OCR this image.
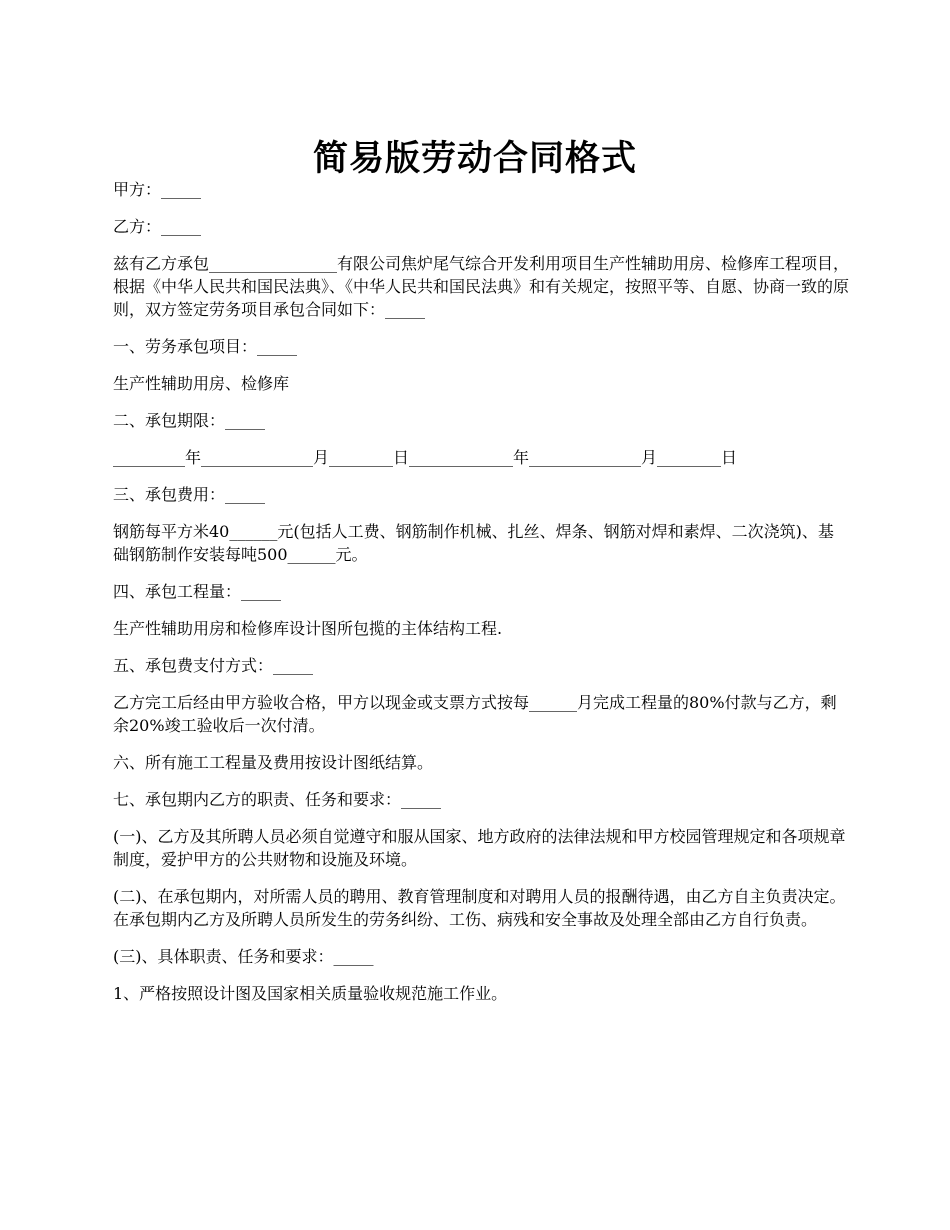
简易版劳动合同格式

甲方：_____

乙方：_____

兹有乙方承包________________有限公司焦炉尾气综合开发利用项目生产性辅助用房、检修库工程项目，根据《中华人民共和国民法典》、《中华人民共和国民法典》和有关规定，按照平等、自愿、协商一致的原则，双方签定劳务项目承包合同如下：_____

一、劳务承包项目：_____

生产性辅助用房、检修库

二、承包期限：_____

_________年______________月________日_____________年______________月________日

三、承包费用：_____

钢筋每平方米40______元(包括人工费、钢筋制作机械、扎丝、焊条、钢筋对焊和素焊、二次浇筑)、基础钢筋制作安装每吨500______元。

四、承包工程量：_____

生产性辅助用房和检修库设计图所包揽的主体结构工程.

五、承包费支付方式：_____

乙方完工后经由甲方验收合格，甲方以现金或支票方式按每______月完成工程量的80%付款与乙方，剩余20%竣工验收后一次付清。

六、所有施工工程量及费用按设计图纸结算。

七、承包期内乙方的职责、任务和要求：_____

(一)、乙方及其所聘人员必须自觉遵守和服从国家、地方政府的法律法规和甲方校园管理规定和各项规章制度，爱护甲方的公共财物和设施及环境。

(二)、在承包期内，对所需人员的聘用、教育管理制度和对聘用人员的报酬待遇，由乙方自主负责决定。在承包期内乙方及所聘人员所发生的劳务纠纷、工伤、病残和安全事故及处理全部由乙方自行负责。

(三)、具体职责、任务和要求：_____

1、严格按照设计图及国家相关质量验收规范施工作业。
